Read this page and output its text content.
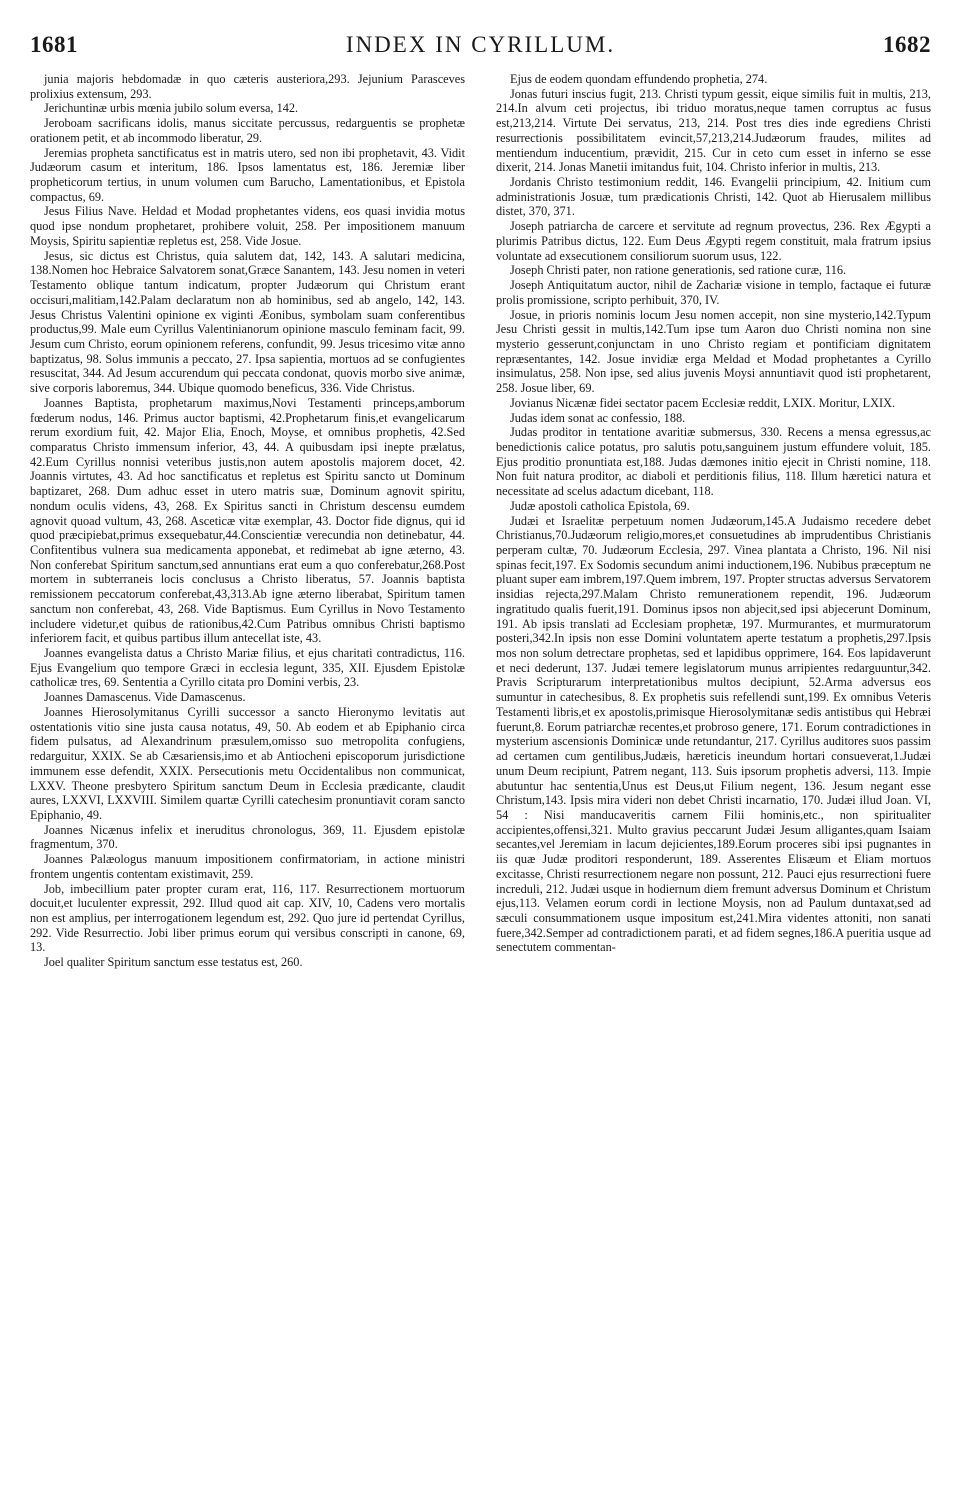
1681	INDEX IN CYRILLUM.	1682

junia majoris hebdomadæ in quo cæteris austeriora,293. Jejunium Parasceves prolixius extensum, 293.

Jerichuntinæ urbis mœnia jubilo solum eversa, 142.

Jeroboam sacrificans idolis, manus siccitate percussus, redarguentis se prophetæ orationem petit, et ab incommodo liberatur, 29.

Jeremias propheta sanctificatus est in matris utero, sed non ibi prophetavit, 43. Vidit Judæorum casum et interitum, 186. Ipsos lamentatus est, 186. Jeremiæ liber propheticorum tertius, in unum volumen cum Barucho, Lamentationibus, et Epistola compactus, 69.

Jesus Filius Nave. Heldad et Modad prophetantes videns, eos quasi invidia motus quod ipse nondum prophetaret, prohibere voluit, 258. Per impositionem manuum Moysis, Spiritu sapientiæ repletus est, 258. Vide Josue.

Jesus, sic dictus est Christus, quia salutem dat, 142, 143. A salutari medicina, 138.Nomen hoc Hebraice Salvatorem sonat,Græce Sanantem, 143. Jesu nomen in veteri Testamento oblique tantum indicatum, propter Judæorum qui Christum erant occisuri,malitiam,142.Palam declaratum non ab hominibus, sed ab angelo, 142, 143. Jesus Christus Valentini opinione ex viginti Æonibus, symbolam suam conferentibus productus,99. Male eum Cyrillus Valentinianorum opinione masculo feminam facit, 99. Jesum cum Christo, eorum opinionem referens, confundit, 99. Jesus tricesimo vitæ anno baptizatus, 98. Solus immunis a peccato, 27. Ipsa sapientia, mortuos ad se confugientes resuscitat, 344. Ad Jesum accurendum qui peccata condonat, quovis morbo sive animæ, sive corporis laboremus, 344. Ubique quomodo beneficus, 336. Vide Christus.

Joannes Baptista, prophetarum maximus,Novi Testamenti princeps,amborum fœderum nodus, 146. Primus auctor baptismi, 42.Prophetarum finis,et evangelicarum rerum exordium fuit, 42. Major Elia, Enoch, Moyse, et omnibus prophetis, 42.Sed comparatus Christo immensum inferior, 43, 44. A quibusdam ipsi inepte prælatus, 42.Eum Cyrillus nonnisi veteribus justis,non autem apostolis majorem docet, 42. Joannis virtutes, 43. Ad hoc sanctificatus et repletus est Spiritu sancto ut Dominum baptizaret, 268. Dum adhuc esset in utero matris suæ, Dominum agnovit spiritu, nondum oculis videns, 43, 268. Ex Spiritus sancti in Christum descensu eumdem agnovit quoad vultum, 43, 268. Asceticæ vitæ exemplar, 43. Doctor fide dignus, qui id quod præcipiebat,primus exsequebatur,44.Conscientiæ verecundia non detinebatur, 44. Confitentibus vulnera sua medicamenta apponebat, et redimebat ab igne æterno, 43. Non conferebat Spiritum sanctum,sed annuntians erat eum a quo conferebatur,268.Post mortem in subterraneis locis conclusus a Christo liberatus, 57. Joannis baptista remissionem peccatorum conferebat,43,313.Ab igne æterno liberabat, Spiritum tamen sanctum non conferebat, 43, 268. Vide Baptismus. Eum Cyrillus in Novo Testamento includere videtur,et quibus de rationibus,42.Cum Patribus omnibus Christi baptismo inferiorem facit, et quibus partibus illum antecellat iste, 43.

Joannes evangelista datus a Christo Mariæ filius, et ejus charitati contradictus, 116. Ejus Evangelium quo tempore Græci in ecclesia legunt, 335, XII. Ejusdem Epistolæ catholicæ tres, 69. Sententia a Cyrillo citata pro Domini verbis, 23.

Joannes Damascenus. Vide Damascenus.

Joannes Hierosolymitanus Cyrilli successor a sancto Hieronymo levitatis aut ostentationis vitio sine justa causa notatus, 49, 50. Ab eodem et ab Epiphanio circa fidem pulsatus, ad Alexandrinum præsulem,omisso suo metropolita confugiens, redarguitur, XXIX. Se ab Cæsariensis,imo et ab Antiocheni episcoporum jurisdictione immunem esse defendit, XXIX. Persecutionis metu Occidentalibus non communicat, LXXV. Theone presbytero Spiritum sanctum Deum in Ecclesia prædicante, claudit aures, LXXVI, LXXVIII. Similem quartæ Cyrilli catechesim pronuntiavit coram sancto Epiphanio, 49.

Joannes Nicænus infelix et ineruditus chronologus, 369, 11. Ejusdem epistolæ fragmentum, 370.

Joannes Palæologus manuum impositionem confirmatoriam, in actione ministri frontem ungentis contentam existimavit, 259.

Job, imbecillium pater propter curam erat, 116, 117. Resurrectionem mortuorum docuit,et luculenter expressit, 292. Illud quod ait cap. XIV, 10, Cadens vero mortalis non est amplius, per interrogationem legendum est, 292. Quo jure id pertendat Cyrillus, 292. Vide Resurrectio. Jobi liber primus eorum qui versibus conscripti in canone, 69, 13.

Joel qualiter Spiritum sanctum esse testatus est, 260.

Ejus de eodem quondam effundendo prophetia, 274.

Jonas futuri inscius fugit, 213. Christi typum gessit, eique similis fuit in multis, 213, 214.In alvum ceti projectus, ibi triduo moratus,neque tamen corruptus ac fusus est,213,214. Virtute Dei servatus, 213, 214. Post tres dies inde egrediens Christi resurrectionis possibilitatem evincit,57,213,214.Judæorum fraudes, milites ad mentiendum inducentium, prævidit, 215. Cur in ceto cum esset in inferno se esse dixerit, 214. Jonas Manetii imitandus fuit, 104. Christo inferior in multis, 213.

Jordanis Christo testimonium reddit, 146. Evangelii principium, 42. Initium cum administrationis Josuæ, tum prædicationis Christi, 142. Quot ab Hierusalem millibus distet, 370, 371.

Joseph patriarcha de carcere et servitute ad regnum provectus, 236. Rex Ægypti a plurimis Patribus dictus, 122. Eum Deus Ægypti regem constituit, mala fratrum ipsius voluntate ad exsecutionem consiliorum suorum usus, 122.

Joseph Christi pater, non ratione generationis, sed ratione curæ, 116.

Joseph Antiquitatum auctor, nihil de Zachariæ visione in templo, factaque ei futuræ prolis promissione, scripto perhibuit, 370, IV.

Josue, in prioris nominis locum Jesu nomen accepit, non sine mysterio,142.Typum Jesu Christi gessit in multis,142.Tum ipse tum Aaron duo Christi nomina non sine mysterio gesserunt,conjunctam in uno Christo regiam et pontificiam dignitatem repræsentantes, 142. Josue invidiæ erga Meldad et Modad prophetantes a Cyrillo insimulatus, 258. Non ipse, sed alius juvenis Moysi annuntiavit quod isti prophetarent, 258. Josue liber, 69.

Jovianus Nicænæ fidei sectator pacem Ecclesiæ reddit, LXIX. Moritur, LXIX.

Judas idem sonat ac confessio, 188.

Judas proditor in tentatione avaritiæ submersus, 330. Recens a mensa egressus,ac benedictionis calice potatus, pro salutis potu,sanguinem justum effundere voluit, 185. Ejus proditio pronuntiata est,188. Judas dæmones initio ejecit in Christi nomine, 118. Non fuit natura proditor, ac diaboli et perditionis filius, 118. Illum hæretici natura et necessitate ad scelus adactum dicebant, 118.

Judæ apostoli catholica Epistola, 69.

Judæi et Israelitæ perpetuum nomen Judæorum,145.A Judaismo recedere debet Christianus,70.Judæorum religio,mores,et consuetudines ab imprudentibus Christianis perperam cultæ, 70. Judæorum Ecclesia, 297. Vinea plantata a Christo, 196. Nil nisi spinas fecit,197. Ex Sodomis secundum animi inductionem,196. Nubibus præceptum ne pluant super eam imbrem,197.Quem imbrem, 197. Propter structas adversus Servatorem insidias rejecta,297.Malam Christo remunerationem rependit, 196. Judæorum ingratitudo qualis fuerit,191. Dominus ipsos non abjecit,sed ipsi abjecerunt Dominum, 191. Ab ipsis translati ad Ecclesiam prophetæ, 197. Murmurantes, et murmuratorum posteri,342.In ipsis non esse Domini voluntatem aperte testatum a prophetis,297.Ipsis mos non solum detrectare prophetas, sed et lapidibus opprimere, 164. Eos lapidaverunt et neci dederunt, 137. Judæi temere legislatorum munus arripientes redarguuntur,342. Pravis Scripturarum interpretationibus multos decipiunt, 52.Arma adversus eos sumuntur in catechesibus, 8. Ex prophetis suis refellendi sunt,199. Ex omnibus Veteris Testamenti libris,et ex apostolis,primisque Hierosolymitanæ sedis antistibus qui Hebræi fuerunt,8. Eorum patriarchæ recentes,et probroso genere, 171. Eorum contradictiones in mysterium ascensionis Dominicæ unde retundantur, 217. Cyrillus auditores suos passim ad certamen cum gentilibus,Judæis, hæreticis ineundum hortari consueverat,1.Judæi unum Deum recipiunt, Patrem negant, 113. Suis ipsorum prophetis adversi, 113. Impie abutuntur hac sententia,Unus est Deus,ut Filium negent, 136. Jesum negant esse Christum,143. Ipsis mira videri non debet Christi incarnatio, 170. Judæi illud Joan. VI, 54 : Nisi manducaveritis carnem Filii hominis,etc., non spiritualiter accipientes,offensi,321. Multo gravius peccarunt Judæi Jesum alligantes,quam Isaiam secantes,vel Jeremiam in lacum dejicientes,189.Eorum proceres sibi ipsi pugnantes in iis quæ Judæ proditori responderunt, 189. Asserentes Elisæum et Eliam mortuos excitasse, Christi resurrectionem negare non possunt, 212. Pauci ejus resurrectioni fuere increduli, 212. Judæi usque in hodiernum diem fremunt adversus Dominum et Christum ejus,113. Velamen eorum cordi in lectione Moysis, non ad Paulum duntaxat,sed ad sæculi consummationem usque impositum est,241.Mira videntes attoniti, non sanati fuere,342.Semper ad contradictionem parati, et ad fidem segnes,186.A pueritia usque ad senectutem commentan-
